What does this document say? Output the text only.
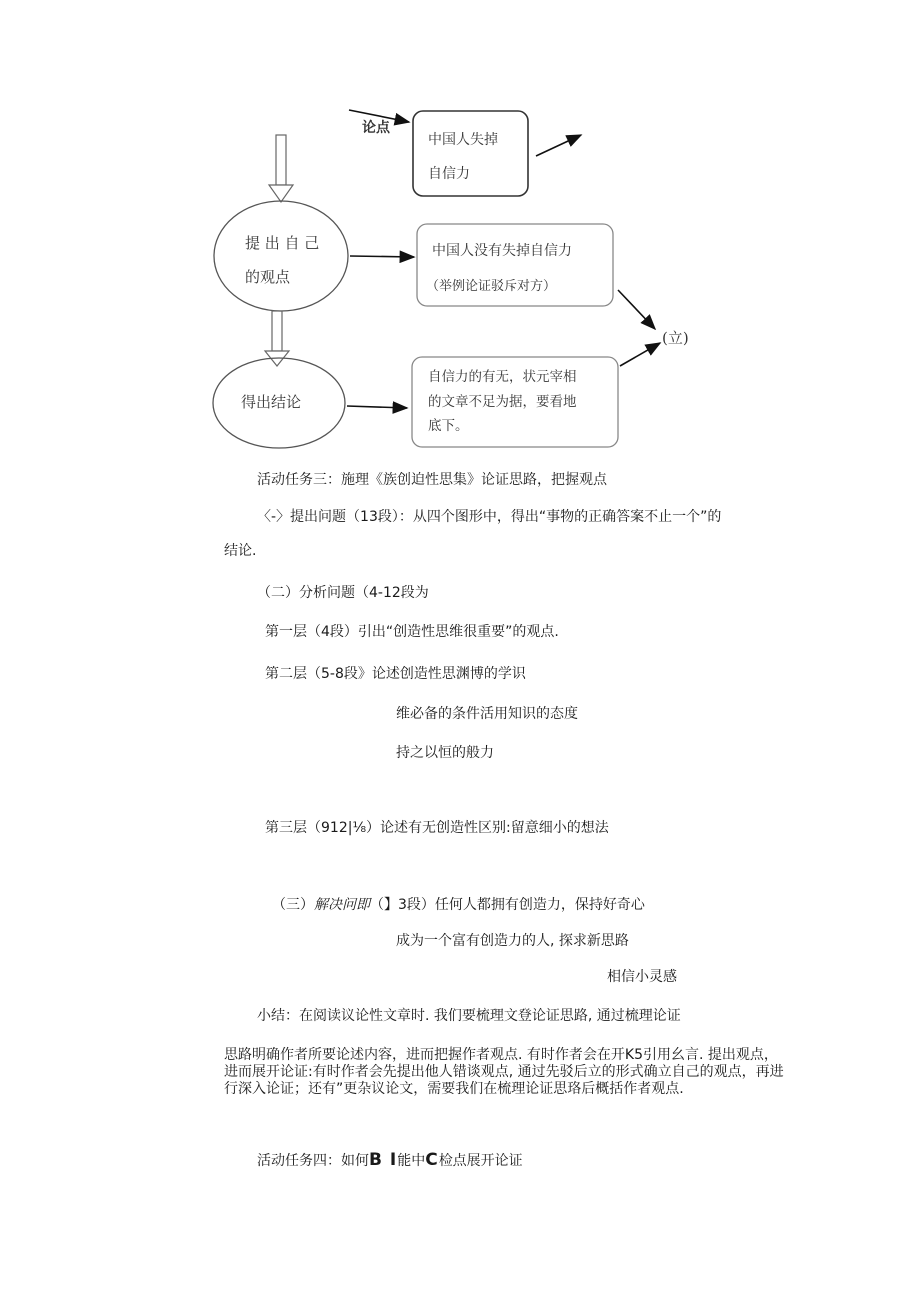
提 出 自 己
的观点
得出结论
论点
中国人失掉
自信力
中国人没有失掉自信力
（举例论证驳斥对方）
(立)
自信力的有无，状元宰相
的文章不足为据，要看地
底下。
活动任务三：施理《族创迫性思集》论证思路，把握观点
〈-〉提出问题（13段）：从四个图形中，得出“事物的正确答案不止一个”的
结论.
（二）分析问题（4-12段为
第一层（4段）引出“创造性思维很重要”的观点.
第二层（5-8段》论述创造性思渊博的学识
维必备的条件活用知识的态度
持之以恒的般力
第三层（912|⅛）论述有无创造性区别:留意细小的想法
（三）解决问即（】3段）任何人都拥有创造力，保持好奇心
成为一个富有创造力的人, 探求新思路
相信小灵感
小结：在阅读议论性文章时. 我们要梳理文登论证思路, 通过梳理论证
思路明确作者所要论述内容，进而把握作者观点. 有时作者会在开K5引用幺言. 提出观点，进而展开论证:有时作者会先提出他人错谈观点, 通过先驳后立的形式确立自己的观点，再进行深入论证；还有”更杂议论文，需要我们在梳理论证思珞后概括作者观点.
活动任务四：如何B I能中C检点展开论证
